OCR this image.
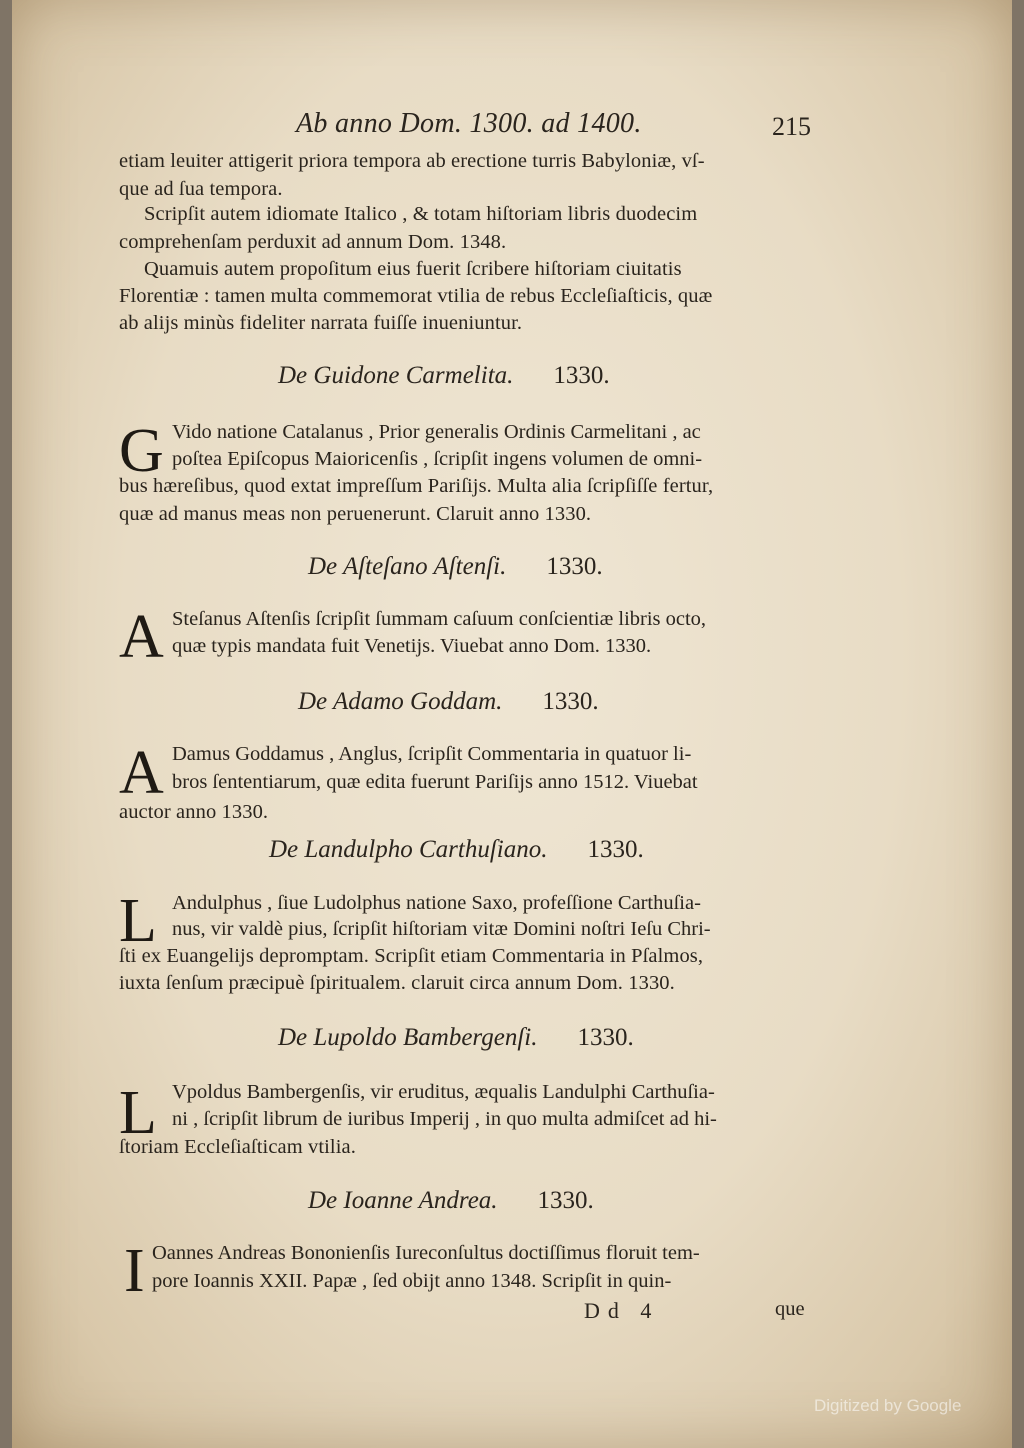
Ab anno Dom. 1300. ad 1400.	215
etiam leuiter attigerit priora tempora ab erectione turris Babyloniæ, vſ-
que ad ſua tempora.
Scripſit autem idiomate Italico , & totam hiſtoriam libris duodecim
comprehenſam perduxit ad annum Dom. 1348.
Quamuis autem propoſitum eius fuerit ſcribere hiſtoriam ciuitatis
Florentiæ : tamen multa commemorat vtilia de rebus Eccleſiaſticis, quæ
ab alijs minùs fideliter narrata fuiſſe inueniuntur.
De Guidone Carmelita. 1330.
G Vido natione Catalanus , Prior generalis Ordinis Carmelitani , ac
poſtea Epiſcopus Maioricenſis , ſcripſit ingens volumen de omni-
bus hæreſibus, quod extat impreſſum Pariſijs. Multa alia ſcripſiſſe fertur,
quæ ad manus meas non peruenerunt. Claruit anno 1330.
De Aſteſano Aſtenſi. 1330.
A Steſanus Aſtenſis ſcripſit ſummam caſuum conſcientiæ libris octo,
quæ typis mandata fuit Venetijs. Viuebat anno Dom. 1330.
De Adamo Goddam. 1330.
A Damus Goddamus , Anglus, ſcripſit Commentaria in quatuor li-
bros ſententiarum, quæ edita fuerunt Pariſijs anno 1512. Viuebat
auctor anno 1330.
De Landulpho Carthuſiano. 1330.
L Andulphus , ſiue Ludolphus natione Saxo, profeſſione Carthuſia-
nus, vir valdè pius, ſcripſit hiſtoriam vitæ Domini noſtri Ieſu Chri-
ſti ex Euangelijs depromptam. Scripſit etiam Commentaria in Pſalmos,
iuxta ſenſum præcipuè ſpiritualem. claruit circa annum Dom. 1330.
De Lupoldo Bambergenſi. 1330.
L Vpoldus Bambergenſis, vir eruditus, æqualis Landulphi Carthuſia-
ni , ſcripſit librum de iuribus Imperij , in quo multa admiſcet ad hi-
ſtoriam Eccleſiaſticam vtilia.
De Ioanne Andrea. 1330.
I Oannes Andreas Bononienſis Iureconſultus doctiſſimus floruit tem-
pore Ioannis XXII. Papæ , ſed obijt anno 1348. Scripſit in quin-
Dd 4	que
Digitized by Google
